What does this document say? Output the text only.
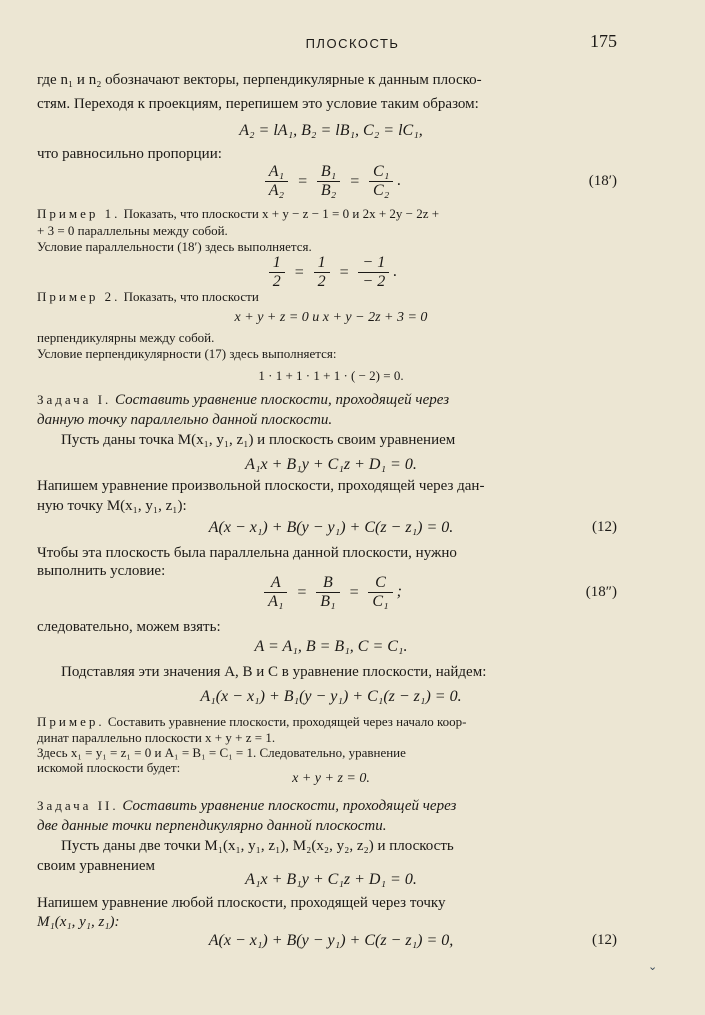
ПЛОСКОСТЬ	175
где n₁ и n₂ обозначают векторы, перпендикулярные к данным плоско-
стям. Переходя к проекциям, перепишем это условие таким образом:
A₂ = lA₁, B₂ = lB₁, C₂ = lC₁,
что равносильно пропорции:
$\frac{\text{A₁}}{\text{A₂}} = \frac{\text{B₁}}{\text{B₂}} = \frac{\text{C₁}}{\text{C₂}}$ .	(18′)
Пример 1. Показать, что плоскости x + y − z − 1 = 0 и 2x + 2y − 2z +
+ 3 = 0 параллельны между собой.
Условие параллельности (18′) здесь выполняется.
$\frac{1}{2} = \frac{1}{2} = \frac{- 1}{- 2}$ .
Пример 2. Показать, что плоскости
x + y + z = 0 и x + y − 2z + 3 = 0
перпендикулярны между собой.
Условие перпендикулярности (17) здесь выполняется:
1 · 1 + 1 · 1 + 1 · ( − 2) = 0.
Задача I. Составить уравнение плоскости, проходящей через
данную точку параллельно данной плоскости.
Пусть даны точка M(x₁, y₁, z₁) и плоскость своим уравнением
A₁x + B₁y + C₁z + D₁ = 0.
Напишем уравнение произвольной плоскости, проходящей через дан-
ную точку M(x₁, y₁, z₁):
A(x − x₁) + B(y − y₁) + C(z − z₁) = 0.	(12)
Чтобы эта плоскость была параллельна данной плоскости, нужно
выполнить условие:
$\frac{A}{\text{A₁}} = \frac{B}{\text{B₁}} = \frac{C}{\text{C₁}}$ ;	(18″)
следовательно, можем взять:
A = A₁, B = B₁, C = C₁.
Подставляя эти значения A, B и C в уравнение плоскости, найдем:
A₁(x − x₁) + B₁(y − y₁) + C₁(z − z₁) = 0.
Пример. Составить уравнение плоскости, проходящей через начало коор-
динат параллельно плоскости x + y + z = 1.
Здесь x₁ = y₁ = z₁ = 0 и A₁ = B₁ = C₁ = 1. Следовательно, уравнение
искомой плоскости будет:
x + y + z = 0.
Задача II. Составить уравнение плоскости, проходящей через
две данные точки перпендикулярно данной плоскости.
Пусть даны две точки M₁(x₁, y₁, z₁), M₂(x₂, y₂, z₂) и плоскость
своим уравнением
A₁x + B₁y + C₁z + D₁ = 0.
Напишем уравнение любой плоскости, проходящей через точку
M₁(x₁, y₁, z₁):
A(x − x₁) + B(y − y₁) + C(z − z₁) = 0,	(12)
⌄
